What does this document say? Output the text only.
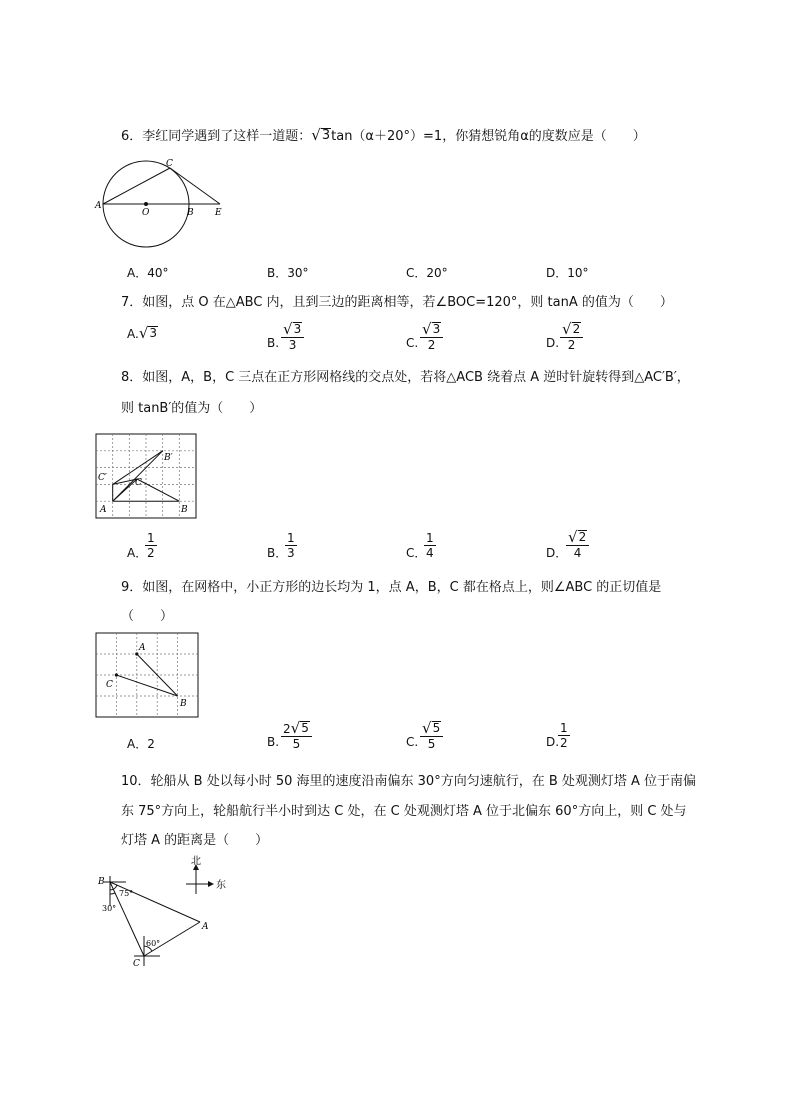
6．李红同学遇到了这样一道题： √ 3 tan（α＋20°）=1，你猜想锐角α的度数应是（　　）
A
C
O	B E
A．40°	B．30°	C．20°	D．10°
7．如图，点 O 在△ABC 内，且到三边的距离相等，若∠BOC=120°，则 tanA 的值为（　　）
A. √ 3
B. $\frac{√ 3}{3}$	C. $\frac{√ 3}{2}$	D. $\frac{√ 2}{2}$
8．如图，A，B，C 三点在正方形网格线的交点处，若将△ACB 绕着点 A 逆时针旋转得到△AC′B′，
则 tanB′的值为（　　）
A	B
C
C′
B′
A．
$\frac{1}{2}$	B．
$\frac{1}{3}$	C．
$\frac{1}{4}$	D．
$\frac{√ 2}{4}$
9．如图，在网格中，小正方形的边长均为 1，点 A，B，C 都在格点上，则∠ABC 的正切值是
（　　）
A
C
B
A．2	B. $\frac{2 √ 5}{5}$	C. $\frac{√ 5}{5}$	D.
$\frac{1}{2}$
10．轮船从 B 处以每小时 50 海里的速度沿南偏东 30°方向匀速航行，在 B 处观测灯塔 A 位于南偏
东 75°方向上，轮船航行半小时到达 C 处，在 C 处观测灯塔 A 位于北偏东 60°方向上，则 C 处与
灯塔 A 的距离是（　　）
北
东
B
A
C
75°
30°
60°
